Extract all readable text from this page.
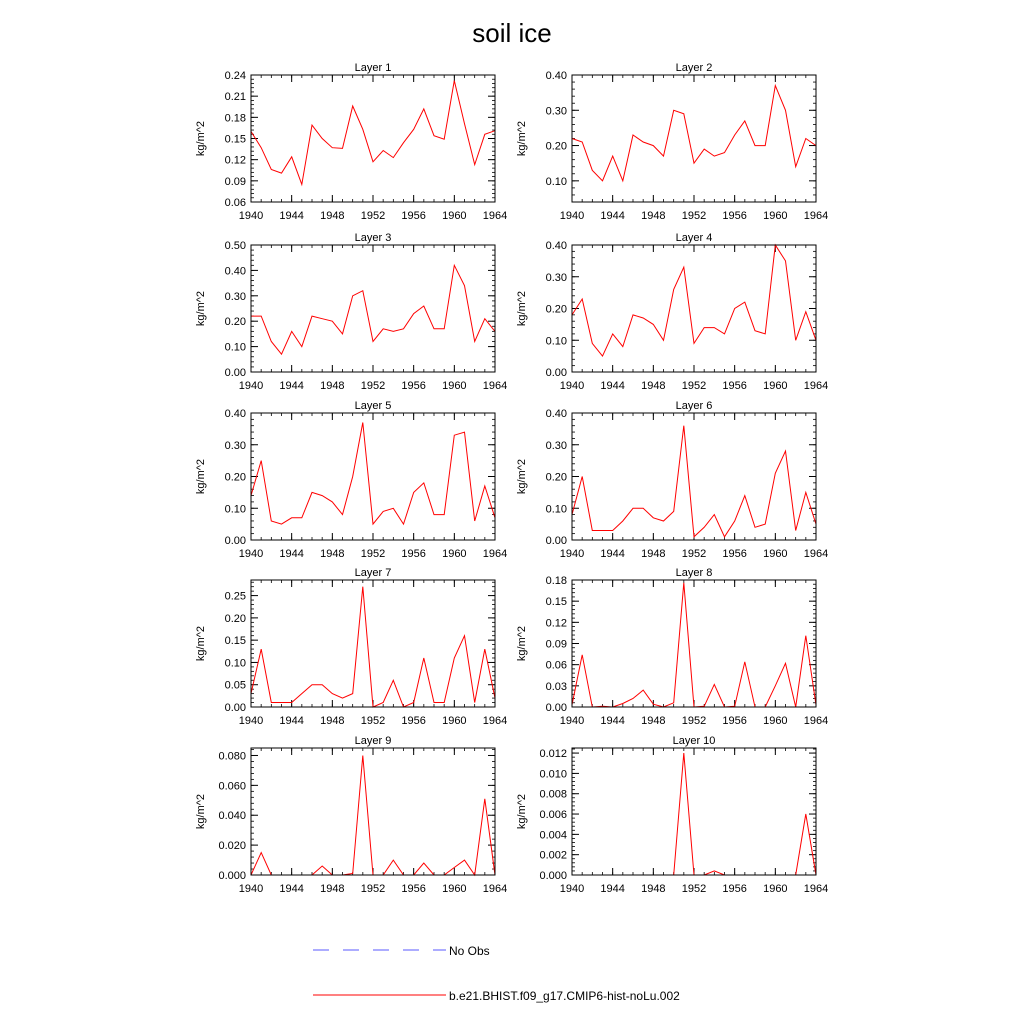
soil ice
Layer 1
kg/m^2
1940 1944 1948 1952 1956 1960 1964
0.06
0.09
0.12
0.15
0.18
0.21
0.24
Layer 2
kg/m^2
1940 1944 1948 1952 1956 1960 1964
0.10
0.20
0.30
0.40
Layer 3
kg/m^2
1940 1944 1948 1952 1956 1960 1964
0.00
0.10
0.20
0.30
0.40
0.50
Layer 4
kg/m^2
1940 1944 1948 1952 1956 1960 1964
0.00
0.10
0.20
0.30
0.40
Layer 5
kg/m^2
1940 1944 1948 1952 1956 1960 1964
0.00
0.10
0.20
0.30
0.40
Layer 6
kg/m^2
1940 1944 1948 1952 1956 1960 1964
0.00
0.10
0.20
0.30
0.40
Layer 7
kg/m^2
1940 1944 1948 1952 1956 1960 1964
0.00
0.05
0.10
0.15
0.20
0.25
Layer 8
kg/m^2
1940 1944 1948 1952 1956 1960 1964
0.00
0.03
0.06
0.09
0.12
0.15
0.18
Layer 9
kg/m^2
1940 1944 1948 1952 1956 1960 1964
0.000
0.020
0.040
0.060
0.080
Layer 10
kg/m^2
1940 1944 1948 1952 1956 1960 1964
0.000
0.002
0.004
0.006
0.008
0.010
0.012
No Obs
b.e21.BHIST.f09_g17.CMIP6-hist-noLu.002
